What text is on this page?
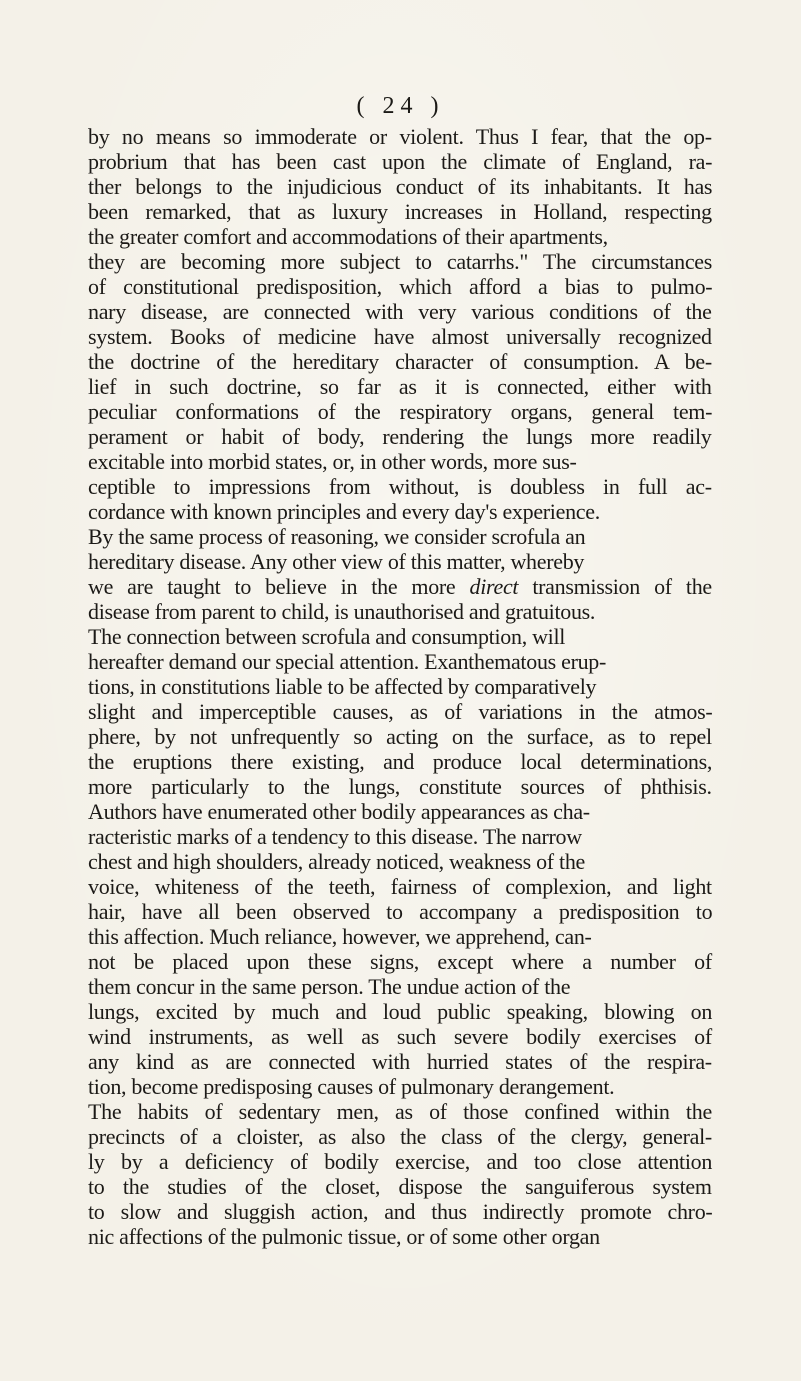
( 24 )
by no means so immoderate or violent. Thus I fear, that the op-
probrium that has been cast upon the climate of England, ra-
ther belongs to the injudicious conduct of its inhabitants. It has
been remarked, that as luxury increases in Holland, respecting
the greater comfort and accommodations of their apartments,
they are becoming more subject to catarrhs." The circumstances
of constitutional predisposition, which afford a bias to pulmo-
nary disease, are connected with very various conditions of the
system. Books of medicine have almost universally recognized
the doctrine of the hereditary character of consumption. A be-
lief in such doctrine, so far as it is connected, either with
peculiar conformations of the respiratory organs, general tem-
perament or habit of body, rendering the lungs more readily
excitable into morbid states, or, in other words, more sus-
ceptible to impressions from without, is doubless in full ac-
cordance with known principles and every day's experience.
By the same process of reasoning, we consider scrofula an
hereditary disease. Any other view of this matter, whereby
we are taught to believe in the more direct transmission of the
disease from parent to child, is unauthorised and gratuitous.
The connection between scrofula and consumption, will
hereafter demand our special attention. Exanthematous erup-
tions, in constitutions liable to be affected by comparatively
slight and imperceptible causes, as of variations in the atmos-
phere, by not unfrequently so acting on the surface, as to repel
the eruptions there existing, and produce local determinations,
more particularly to the lungs, constitute sources of phthisis.
Authors have enumerated other bodily appearances as cha-
racteristic marks of a tendency to this disease. The narrow
chest and high shoulders, already noticed, weakness of the
voice, whiteness of the teeth, fairness of complexion, and light
hair, have all been observed to accompany a predisposition to
this affection. Much reliance, however, we apprehend, can-
not be placed upon these signs, except where a number of
them concur in the same person. The undue action of the
lungs, excited by much and loud public speaking, blowing on
wind instruments, as well as such severe bodily exercises of
any kind as are connected with hurried states of the respira-
tion, become predisposing causes of pulmonary derangement.
The habits of sedentary men, as of those confined within the
precincts of a cloister, as also the class of the clergy, general-
ly by a deficiency of bodily exercise, and too close attention
to the studies of the closet, dispose the sanguiferous system
to slow and sluggish action, and thus indirectly promote chro-
nic affections of the pulmonic tissue, or of some other organ
